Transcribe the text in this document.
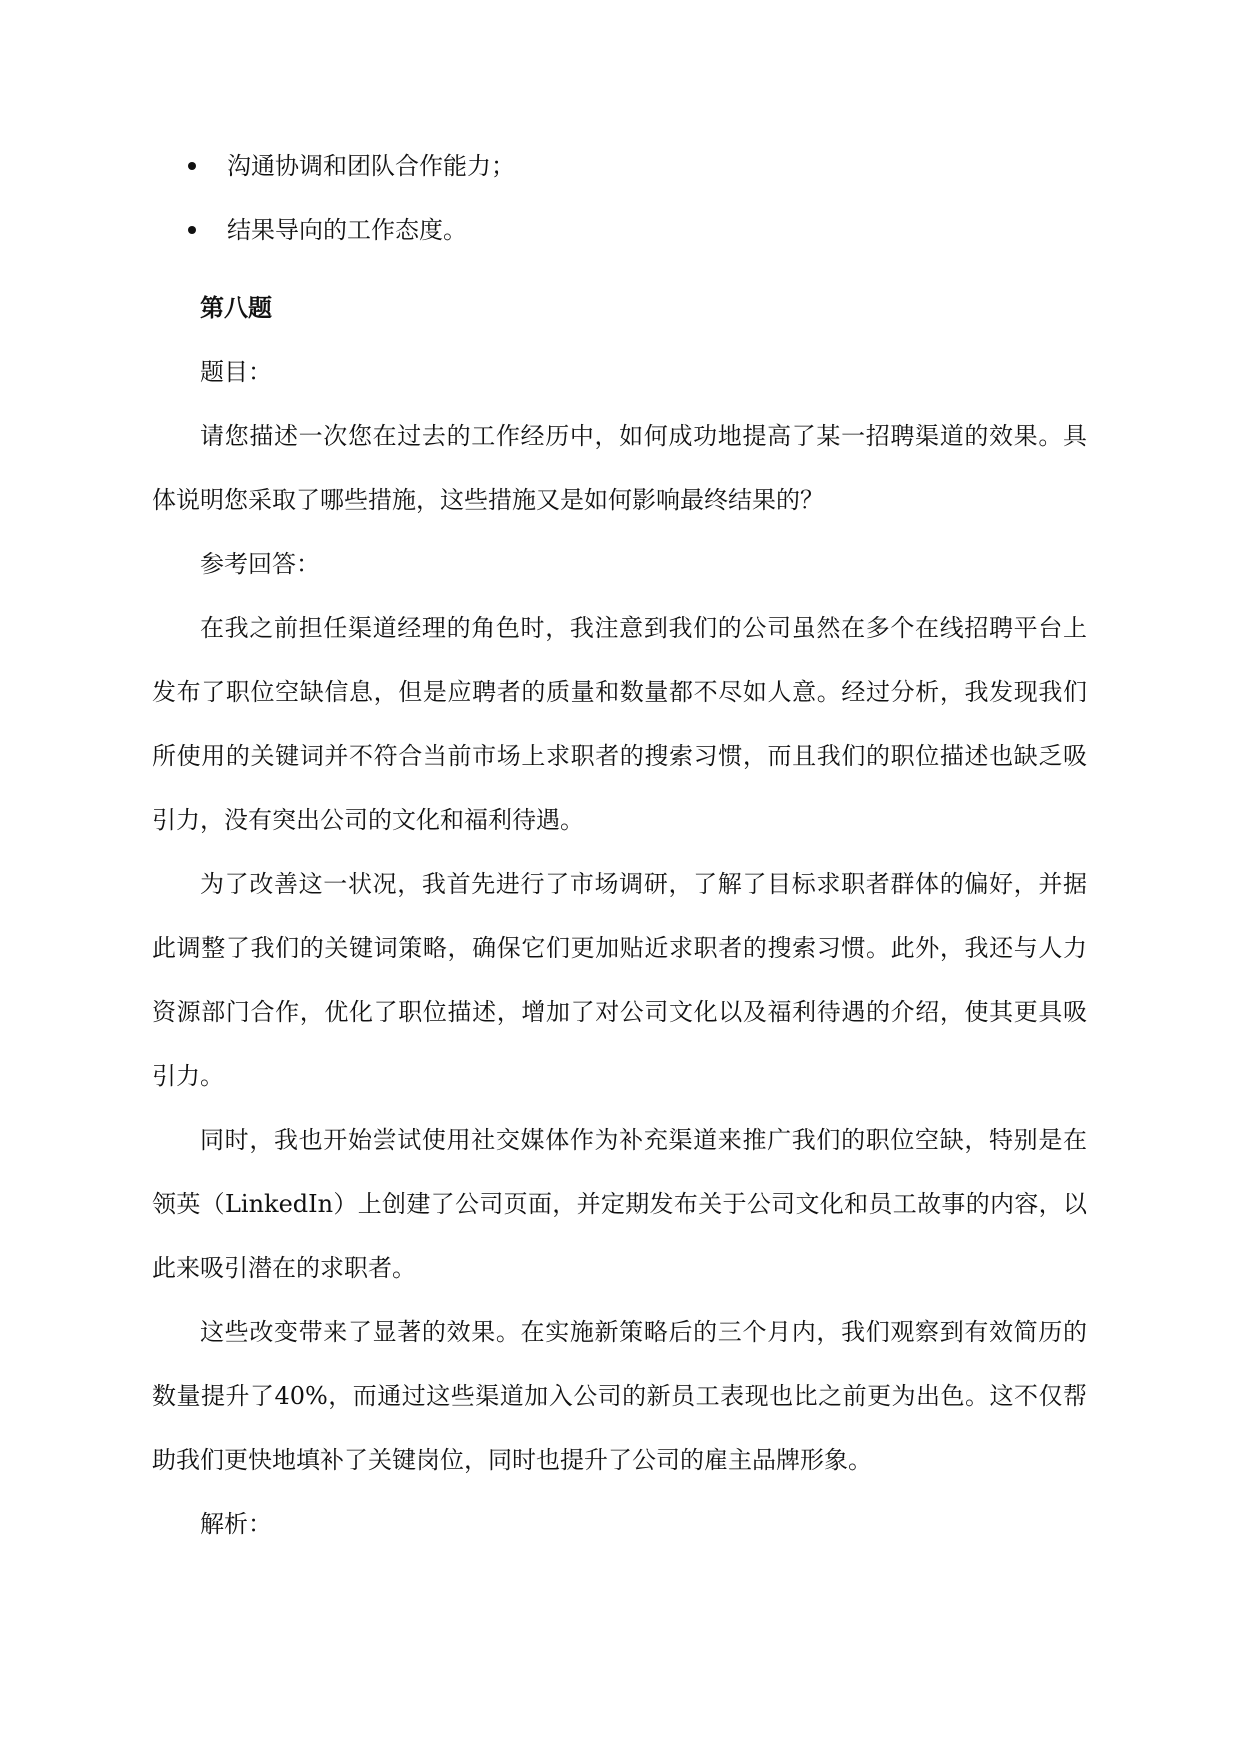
沟通协调和团队合作能力；
结果导向的工作态度。

第八题

题目：

请您描述一次您在过去的工作经历中，如何成功地提高了某一招聘渠道的效果。具体说明您采取了哪些措施，这些措施又是如何影响最终结果的？

参考回答：

在我之前担任渠道经理的角色时，我注意到我们的公司虽然在多个在线招聘平台上发布了职位空缺信息，但是应聘者的质量和数量都不尽如人意。经过分析，我发现我们所使用的关键词并不符合当前市场上求职者的搜索习惯，而且我们的职位描述也缺乏吸引力，没有突出公司的文化和福利待遇。

为了改善这一状况，我首先进行了市场调研，了解了目标求职者群体的偏好，并据此调整了我们的关键词策略，确保它们更加贴近求职者的搜索习惯。此外，我还与人力资源部门合作，优化了职位描述，增加了对公司文化以及福利待遇的介绍，使其更具吸引力。

同时，我也开始尝试使用社交媒体作为补充渠道来推广我们的职位空缺，特别是在领英（LinkedIn）上创建了公司页面，并定期发布关于公司文化和员工故事的内容，以此来吸引潜在的求职者。

这些改变带来了显著的效果。在实施新策略后的三个月内，我们观察到有效简历的数量提升了40%，而通过这些渠道加入公司的新员工表现也比之前更为出色。这不仅帮助我们更快地填补了关键岗位，同时也提升了公司的雇主品牌形象。

解析：
